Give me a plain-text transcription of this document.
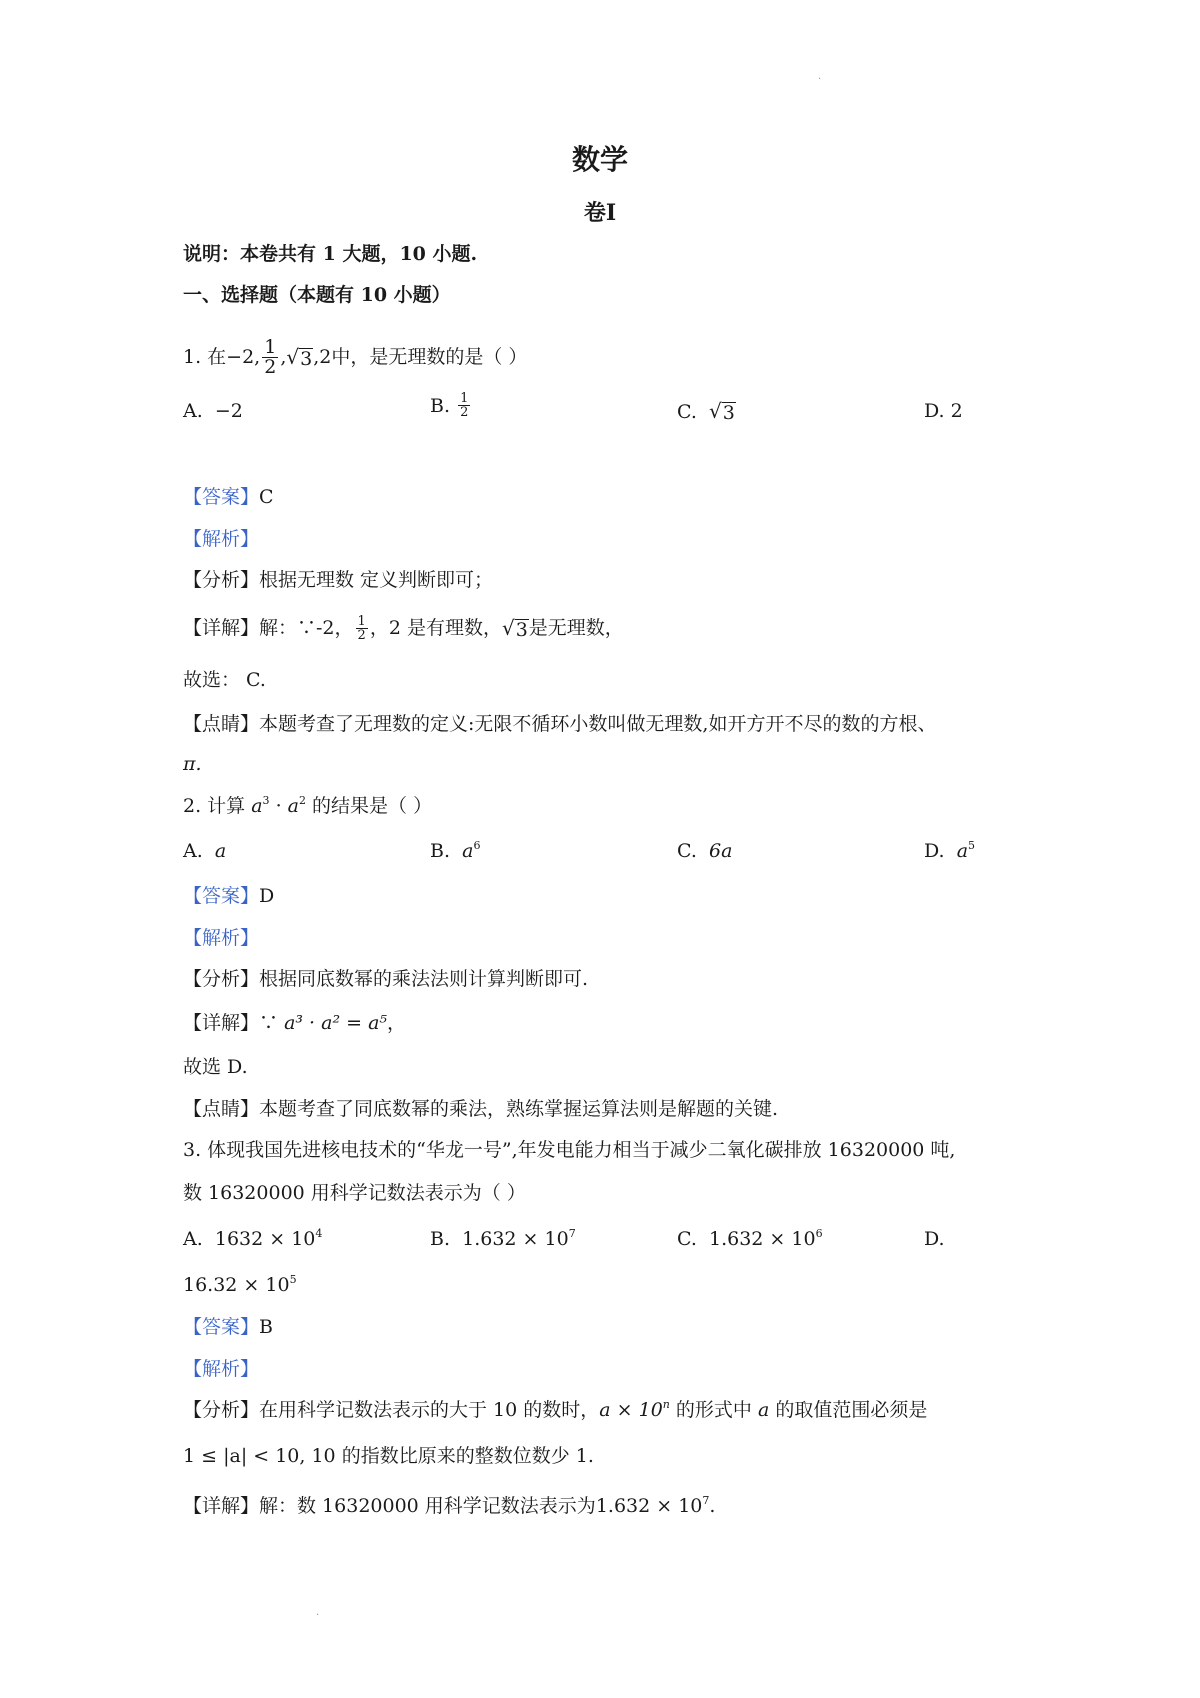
·
数学
卷Ⅰ
说明：本卷共有 1 大题，10 小题.
一、选择题（本题有 10 小题）
1. 在 −2, $\frac{1}{2}$ , √ 3 ,2 中，是无理数的是（ ）
A. −2	B.
$\frac{1}{2}$	C. √ 3	D. 2
【答案】C
【解析】
【分析】根据无理数 定义判断即可；
【详解】 解：∵-2， $\frac{1}{2}$ ，2 是有理数， √ 3 是无理数，
故选： C.
【点睛】本题考查了无理数的定义:无限不循环小数叫做无理数,如开方开不尽的数的方根、
π.
2. 计算 $a^3 \cdot a^2$ 的结果是（ ）
A. a	B. $a^6$	C. 6a	D. $a^5$
【答案】D
【解析】
【分析】根据同底数幂的乘法法则计算判断即可.
【详解】∵ a³ · a² = a⁵，
故选 D.
【点睛】本题考查了同底数幂的乘法，熟练掌握运算法则是解题的关键.
3. 体现我国先进核电技术的“华龙一号”,年发电能力相当于减少二氧化碳排放 16320000 吨,
数 16320000 用科学记数法表示为（ ）
A. $1632 \times 10^4$	B. $1.632 \times 10^7$	C. $1.632 \times 10^6$	D.
$16.32 \times 10^5$
【答案】B
【解析】
【分析】在用科学记数法表示的大于 10 的数时，$a \times 10^n$ 的形式中 a 的取值范围必须是
1 ≤ |a| < 10, 10 的指数比原来的整数位数少 1.
【详解】解：数 16320000 用科学记数法表示为$1.632 \times 10^7$.
·
